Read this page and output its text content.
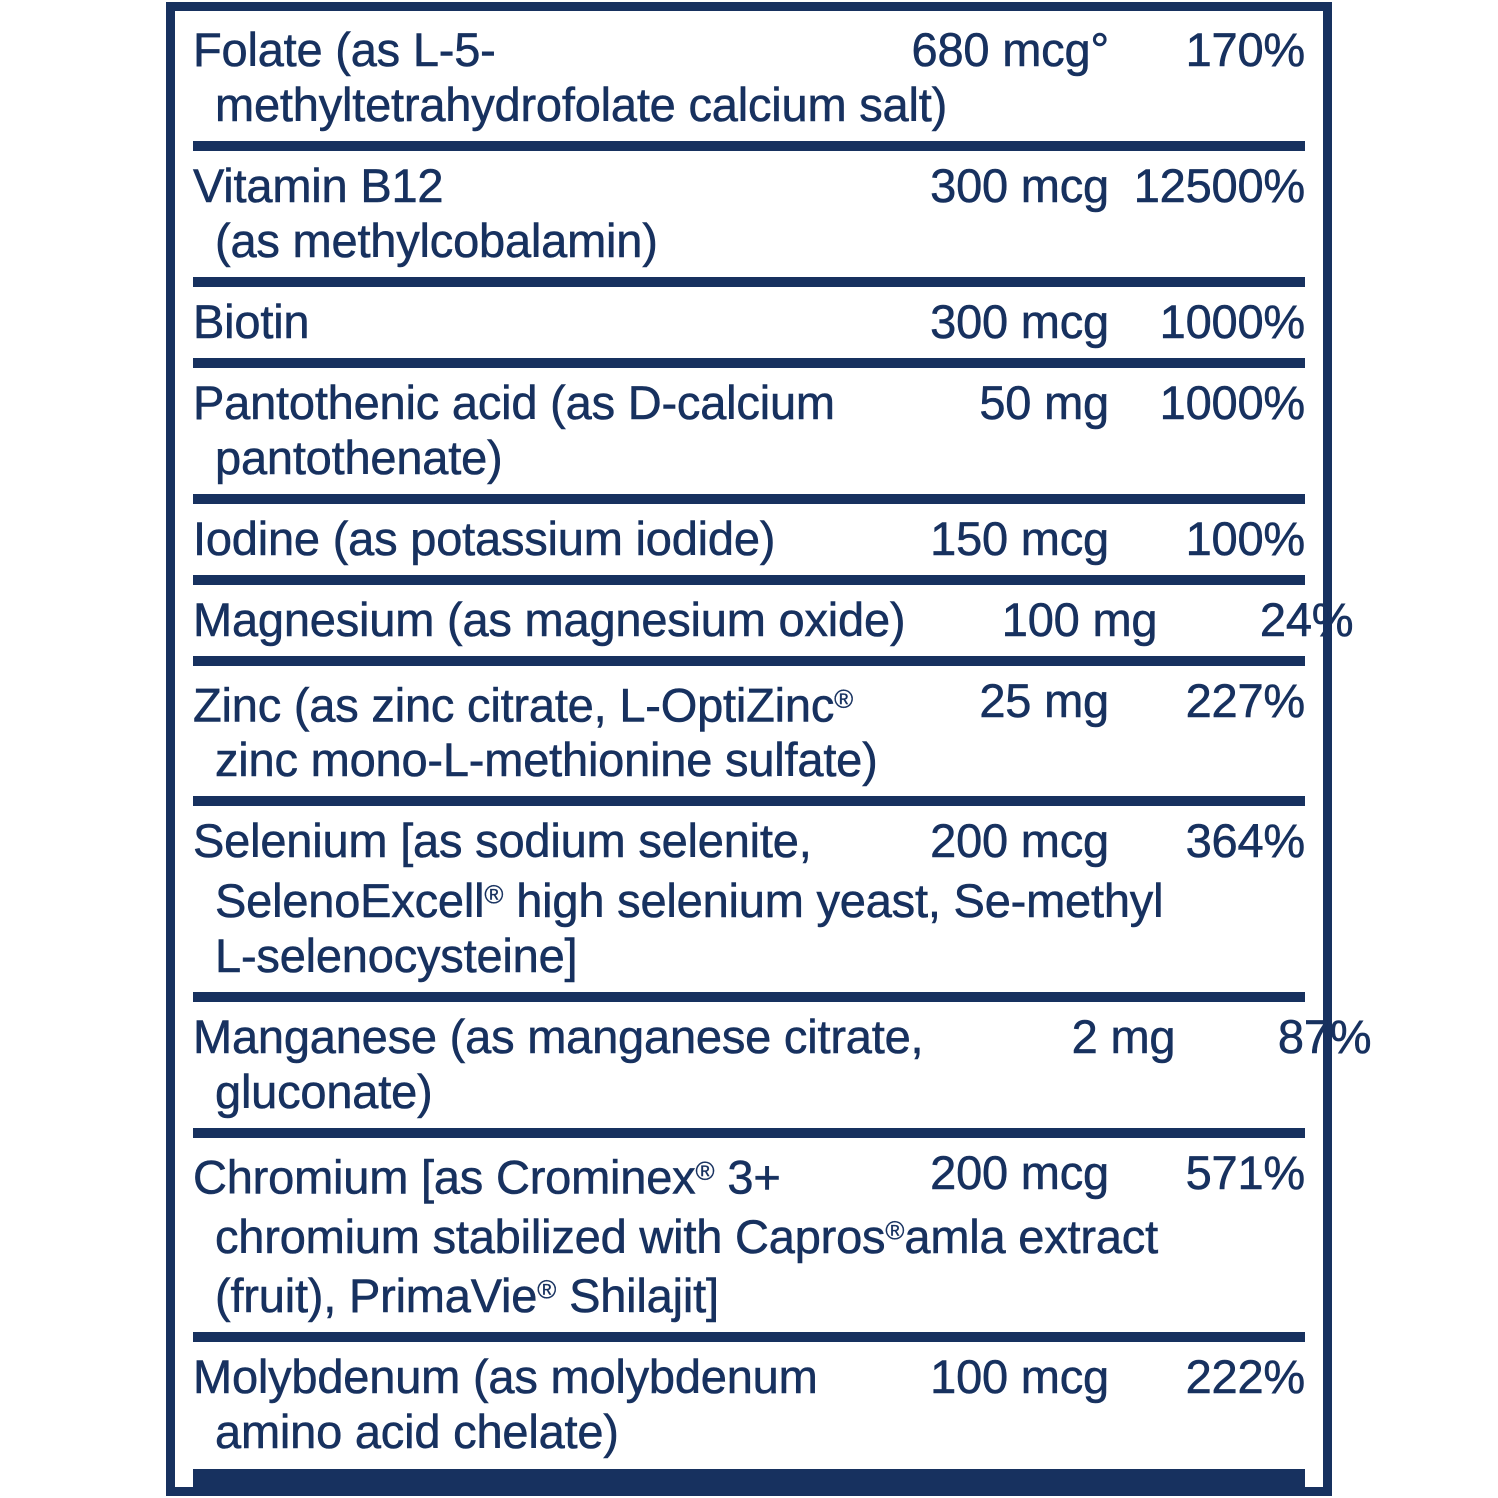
Folate (as L-5-	680 mcg°	170%
methyltetrahydrofolate calcium salt)
Vitamin B12	300 mcg 12500%
(as methylcobalamin)
Biotin	300 mcg	1000%
Pantothenic acid (as D-calcium	50 mg	1000%
pantothenate)
Iodine (as potassium iodide)	150 mcg	100%
Magnesium (as magnesium oxide)	100 mg	24%
Zinc (as zinc citrate, L-OptiZinc®	25 mg	227%
zinc mono-L-methionine sulfate)
Selenium [as sodium selenite,	200 mcg	364%
SelenoExcell® high selenium yeast, Se-methyl
L-selenocysteine]
Manganese (as manganese citrate,	2 mg	87%
gluconate)
Chromium [as Crominex® 3+	200 mcg	571%
chromium stabilized with Capros®amla extract
(fruit), PrimaVie® Shilajit]
Molybdenum (as molybdenum	100 mcg	222%
amino acid chelate)
